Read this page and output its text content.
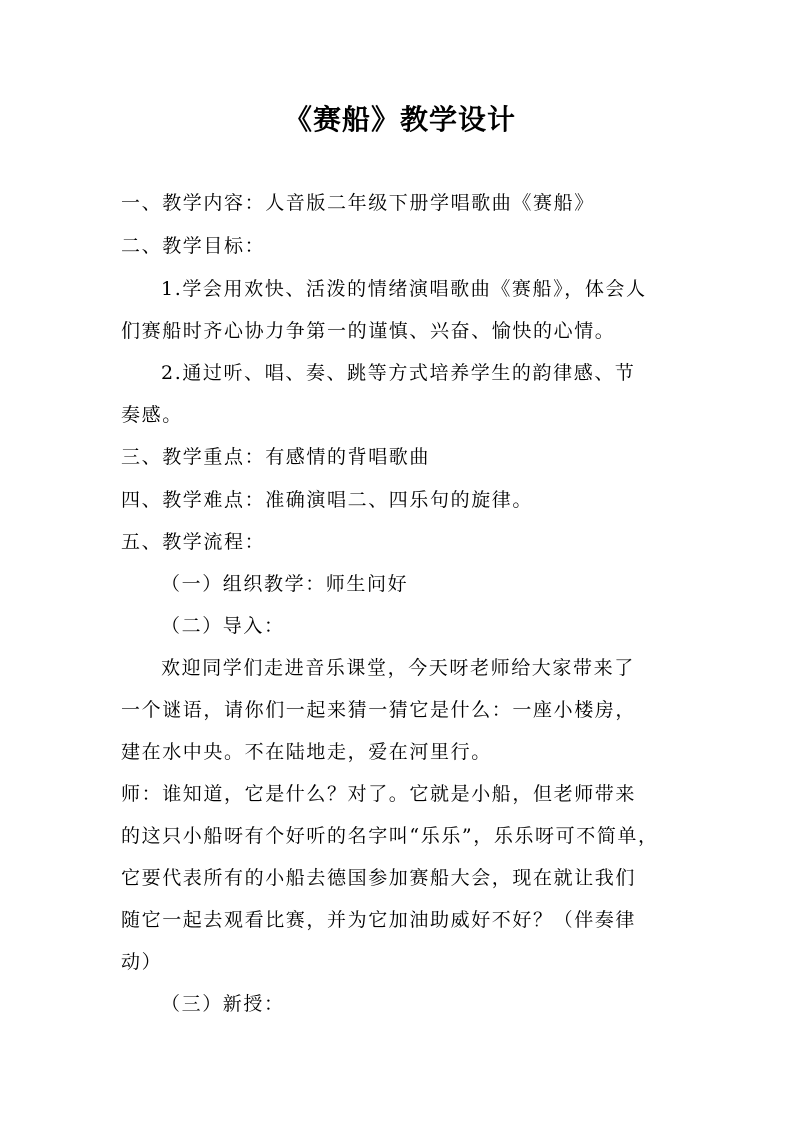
《赛船》教学设计
一、教学内容：人音版二年级下册学唱歌曲《赛船》
二、教学目标：
1.学会用欢快、活泼的情绪演唱歌曲《赛船》，体会人
们赛船时齐心协力争第一的谨慎、兴奋、愉快的心情。
2.通过听、唱、奏、跳等方式培养学生的韵律感、节
奏感。
三、教学重点：有感情的背唱歌曲
四、教学难点：准确演唱二、四乐句的旋律。
五、教学流程：
（一）组织教学：师生问好
（二）导入：
欢迎同学们走进音乐课堂，今天呀老师给大家带来了
一个谜语，请你们一起来猜一猜它是什么：一座小楼房，
建在水中央。不在陆地走，爱在河里行。
师：谁知道，它是什么？对了。它就是小船，但老师带来
的这只小船呀有个好听的名字叫“乐乐”，乐乐呀可不简单，
它要代表所有的小船去德国参加赛船大会，现在就让我们
随它一起去观看比赛，并为它加油助威好不好？（伴奏律
动）
（三）新授：
